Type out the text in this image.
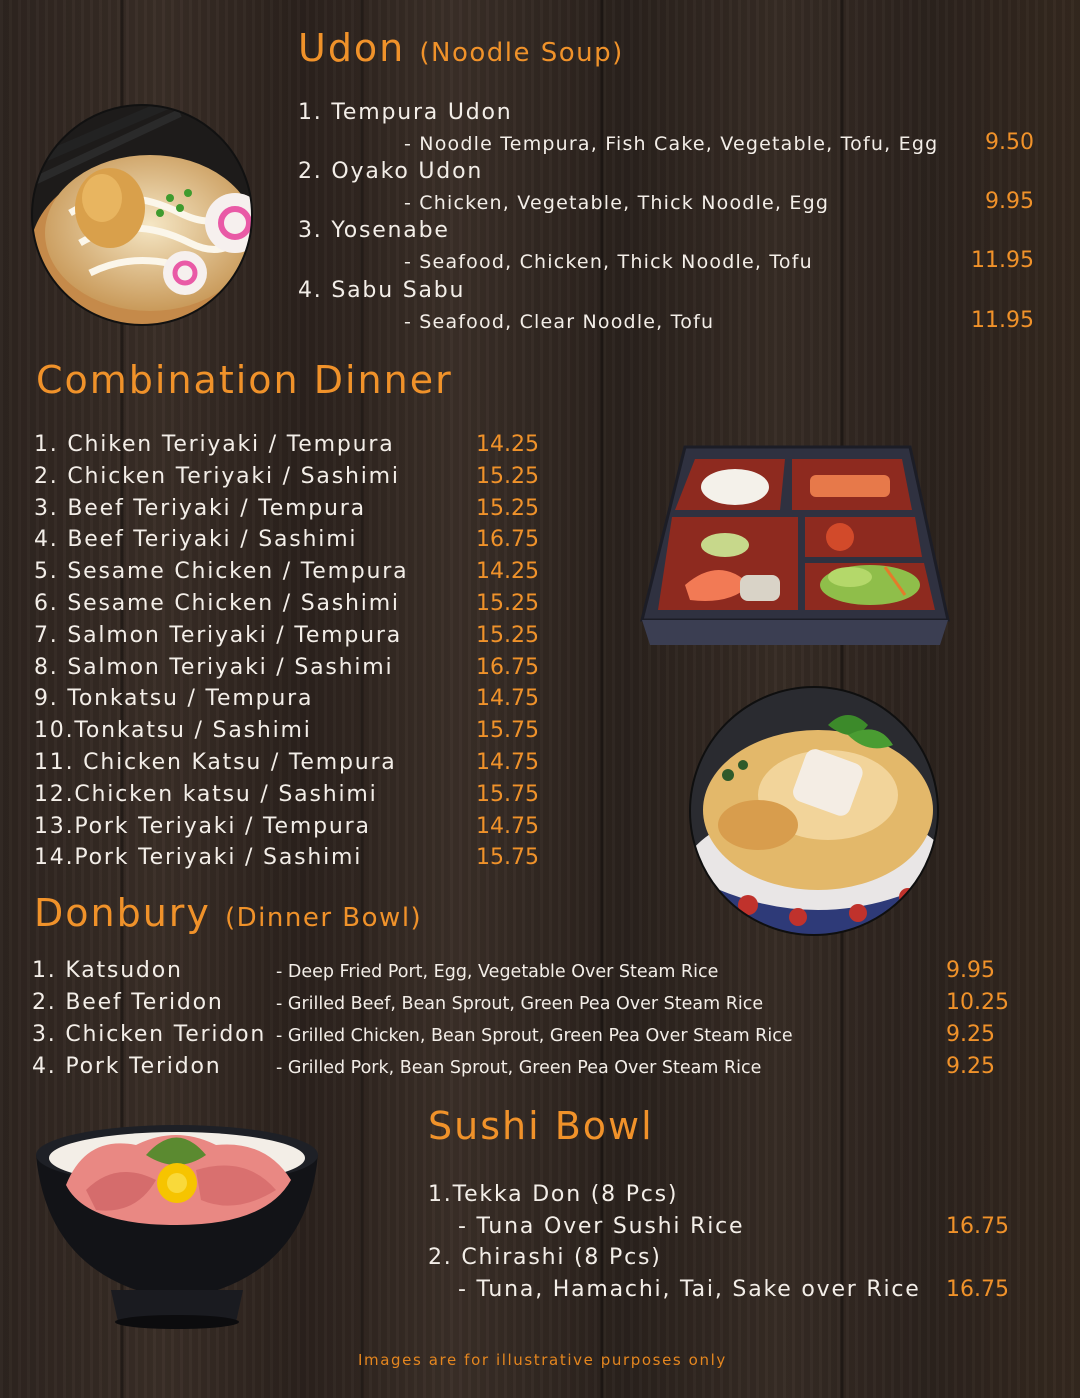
Udon (Noodle Soup)
1. Tempura Udon
- Noodle Tempura, Fish Cake, Vegetable, Tofu, Egg	9.50
2. Oyako Udon
- Chicken, Vegetable, Thick Noodle, Egg	9.95
3. Yosenabe
- Seafood, Chicken, Thick Noodle, Tofu	11.95
4. Sabu Sabu
- Seafood, Clear Noodle, Tofu	11.95
Combination Dinner
1. Chiken Teriyaki / Tempura	14.25
2. Chicken Teriyaki / Sashimi	15.25
3. Beef Teriyaki / Tempura	15.25
4. Beef Teriyaki / Sashimi	16.75
5. Sesame Chicken / Tempura	14.25
6. Sesame Chicken / Sashimi	15.25
7. Salmon Teriyaki / Tempura	15.25
8. Salmon Teriyaki / Sashimi	16.75
9. Tonkatsu / Tempura	14.75
10.Tonkatsu / Sashimi	15.75
11. Chicken Katsu / Tempura	14.75
12.Chicken katsu / Sashimi	15.75
13.Pork Teriyaki / Tempura	14.75
14.Pork Teriyaki / Sashimi	15.75
Donbury (Dinner Bowl)
1. Katsudon	- Deep Fried Port, Egg, Vegetable Over Steam Rice	9.95
2. Beef Teridon	- Grilled Beef, Bean Sprout, Green Pea Over Steam Rice	10.25
3. Chicken Teridon - Grilled Chicken, Bean Sprout, Green Pea Over Steam Rice	9.25
4. Pork Teridon	- Grilled Pork, Bean Sprout, Green Pea Over Steam Rice	9.25
Sushi Bowl
1.Tekka Don (8 Pcs)
- Tuna Over Sushi Rice	16.75
2. Chirashi (8 Pcs)
- Tuna, Hamachi, Tai, Sake over Rice 16.75
Images are for illustrative purposes only
